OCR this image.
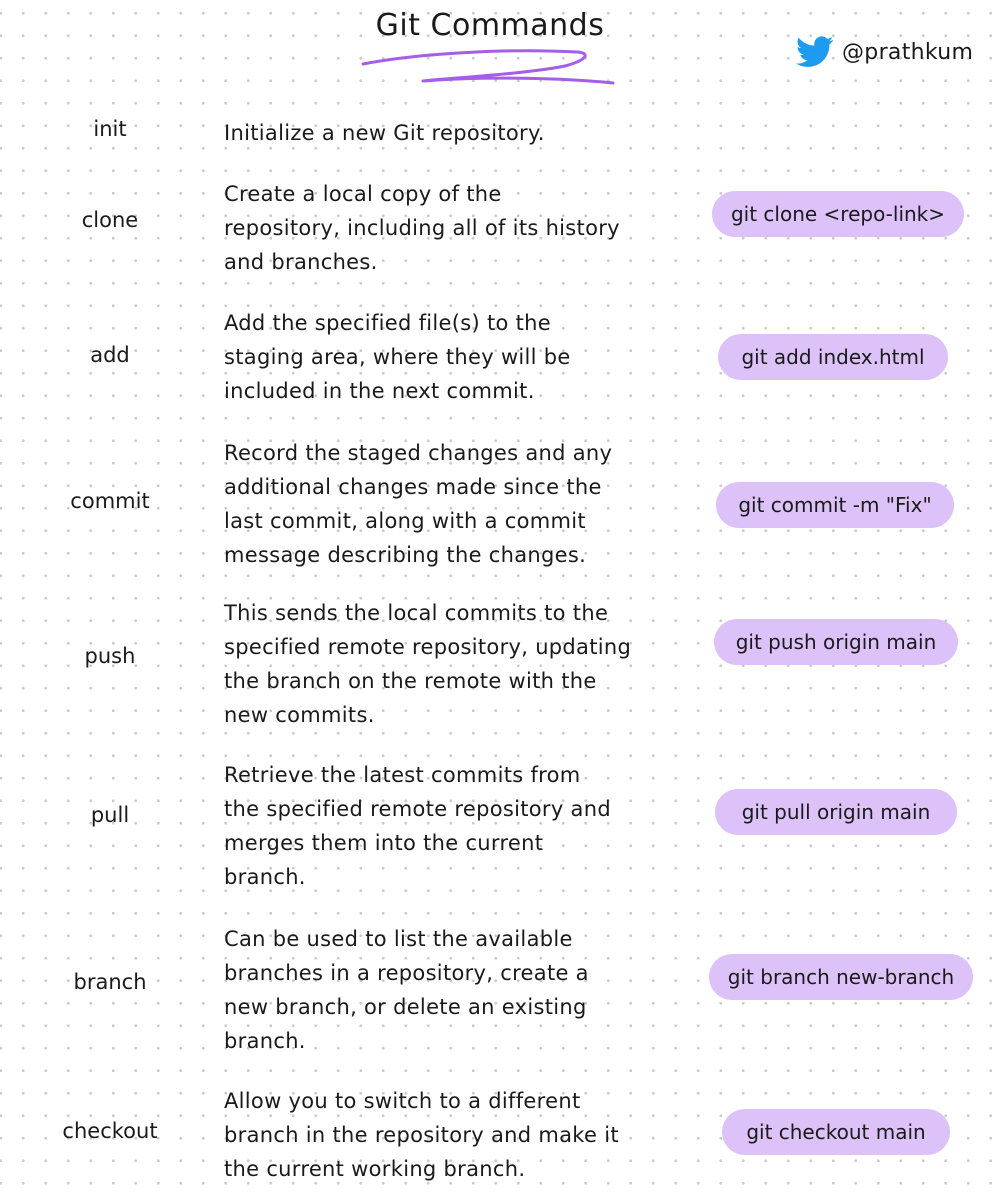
Git Commands
@prathkum
init	Initialize a new Git repository.
clone
Create a local copy of the
repository, including all of its history
and branches.
git clone <repo-link>
add
Add the specified file(s) to the
staging area, where they will be
included in the next commit.
git add index.html
commit
Record the staged changes and any
additional changes made since the
last commit, along with a commit
message describing the changes.
git commit -m "Fix"
push
This sends the local commits to the
specified remote repository, updating
the branch on the remote with the
new commits.
git push origin main
pull
Retrieve the latest commits from
the specified remote repository and
merges them into the current
branch.
git pull origin main
branch
Can be used to list the available
branches in a repository, create a
new branch, or delete an existing
branch.
git branch new-branch
checkout
Allow you to switch to a different
branch in the repository and make it
the current working branch.
git checkout main
